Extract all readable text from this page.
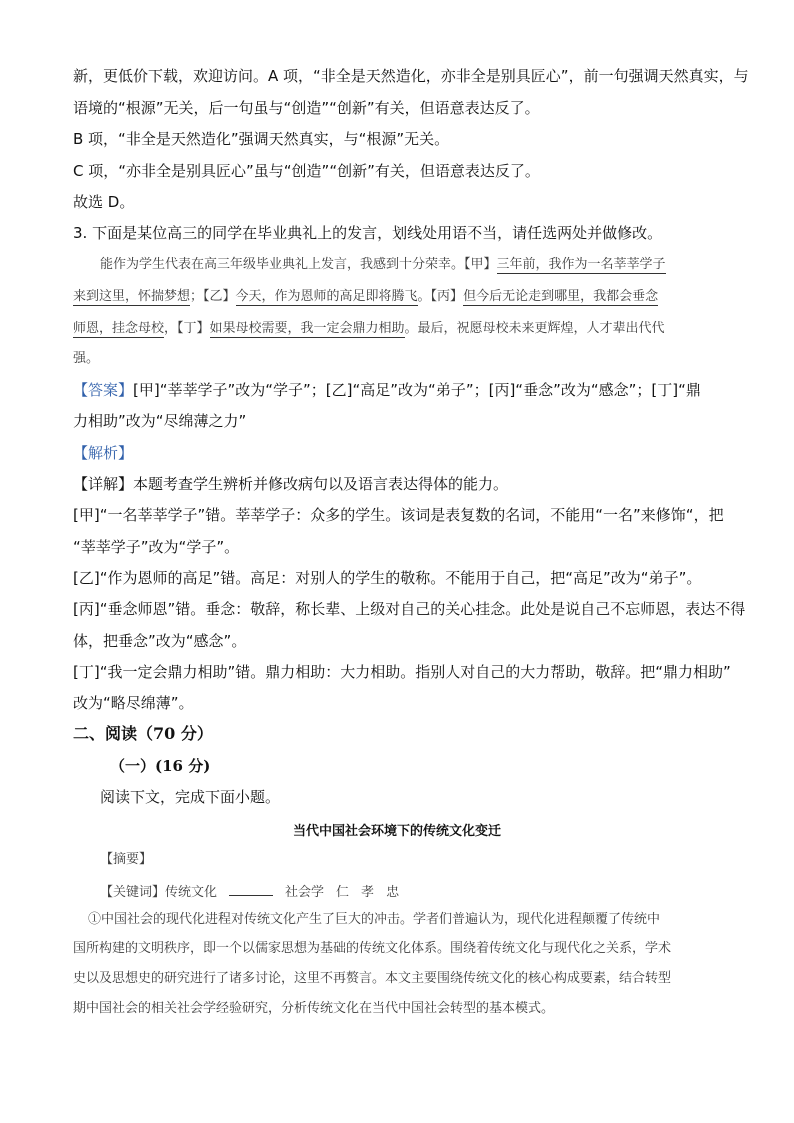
新，更低价下载，欢迎访问。A 项，“非全是天然造化，亦非全是别具匠心”，前一句强调天然真实，与
语境的“根源”无关，后一句虽与“创造”“创新”有关，但语意表达反了。
B 项，“非全是天然造化”强调天然真实，与“根源”无关。
C 项，“亦非全是别具匠心”虽与“创造”“创新”有关，但语意表达反了。
故选 D。
3. 下面是某位高三的同学在毕业典礼上的发言，划线处用语不当，请任选两处并做修改。
能作为学生代表在高三年级毕业典礼上发言，我感到十分荣幸。【甲】三年前，我作为一名莘莘学子
来到这里，怀揣梦想；【乙】今天，作为恩师的高足即将腾飞。【丙】但今后无论走到哪里，我都会垂念
师恩，挂念母校，【丁】如果母校需要，我一定会鼎力相助。最后，祝愿母校未来更辉煌，人才辈出代代
强。
【答案】[甲]“莘莘学子”改为“学子”；[乙]“高足”改为“弟子”；[丙]“垂念”改为“感念”；[丁]“鼎
力相助”改为“尽绵薄之力”
【解析】
【详解】本题考查学生辨析并修改病句以及语言表达得体的能力。
[甲]“一名莘莘学子”错。莘莘学子：众多的学生。该词是表复数的名词，不能用“一名”来修饰“，把
“莘莘学子”改为“学子”。
[乙]“作为恩师的高足”错。高足：对别人的学生的敬称。不能用于自己，把“高足”改为“弟子”。
[丙]“垂念师恩”错。垂念：敬辞，称长辈、上级对自己的关心挂念。此处是说自己不忘师恩，表达不得
体，把垂念”改为“感念”。
[丁]“我一定会鼎力相助”错。鼎力相助：大力相助。指别人对自己的大力帮助，敬辞。把“鼎力相助”
改为“略尽绵薄”。
二、阅读（70 分）
（一）(16 分)
阅读下文，完成下面小题。
当代中国社会环境下的传统文化变迁
【摘要】
【关键词】传统文化	社会学 仁 孝 忠
①中国社会的现代化进程对传统文化产生了巨大的冲击。学者们普遍认为，现代化进程颠覆了传统中
国所构建的文明秩序，即一个以儒家思想为基础的传统文化体系。围绕着传统文化与现代化之关系，学术
史以及思想史的研究进行了诸多讨论，这里不再赘言。本文主要围绕传统文化的核心构成要素，结合转型
期中国社会的相关社会学经验研究，分析传统文化在当代中国社会转型的基本模式。
